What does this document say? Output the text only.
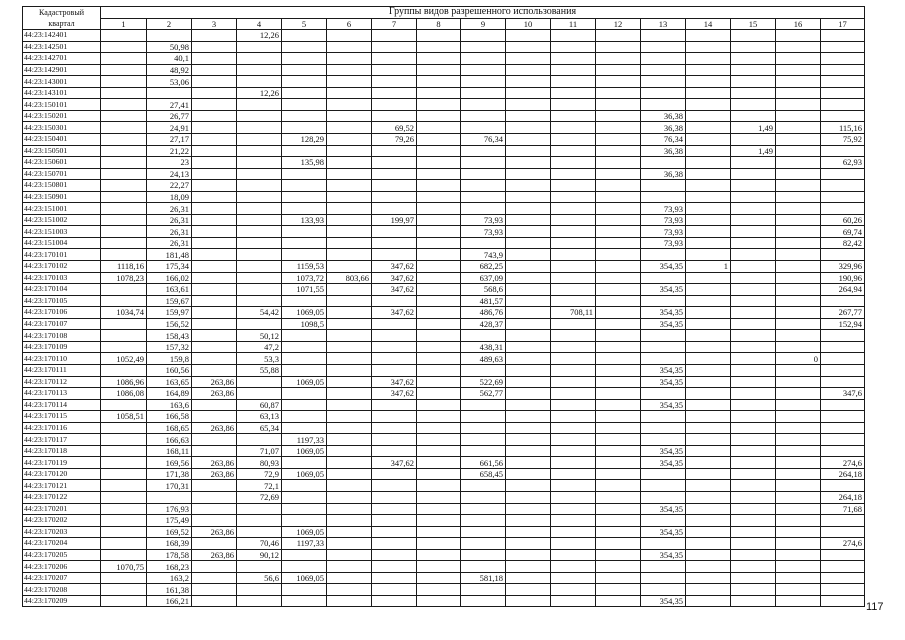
Кадастровый
квартал	Группы видов разрешенного использования																
	1	2	3	4	5	6	7	8	9	10	11	12	13	14	15	16	17
44:23:142401				12,26													
44:23:142501		50,98															
44:23:142701		40,1															
44:23:142901		48,92															
44:23:143001		53,06															
44:23:143101				12,26													
44:23:150101		27,41															
44:23:150201		26,77											36,38				
44:23:150301		24,91					69,52						36,38		1,49		115,16
44:23:150401		27,17			128,29		79,26		76,34				76,34				75,92
44:23:150501		21,22											36,38		1,49		
44:23:150601		23			135,98												62,93
44:23:150701		24,13											36,38				
44:23:150801		22,27															
44:23:150901		18,09															
44:23:151001		26,31											73,93				
44:23:151002		26,31			133,93		199,97		73,93				73,93				60,26
44:23:151003		26,31							73,93				73,93				69,74
44:23:151004		26,31											73,93				82,42
44:23:170101		181,48							743,9								
44:23:170102	1118,16	175,34			1159,53		347,62		682,25				354,35	1			329,96
44:23:170103	1078,23	166,02			1073,72	803,66	347,62		637,09								190,96
44:23:170104		163,61			1071,55		347,62		568,6				354,35				264,94
44:23:170105		159,67							481,57								
44:23:170106	1034,74	159,97		54,42	1069,05		347,62		486,76		708,11		354,35				267,77
44:23:170107		156,52			1098,5				428,37				354,35				152,94
44:23:170108		158,43		50,12													
44:23:170109		157,32		47,2					438,31								
44:23:170110	1052,49	159,8		53,3					489,63							0	
44:23:170111		160,56		55,88									354,35				
44:23:170112	1086,96	163,65	263,86		1069,05		347,62		522,69				354,35				
44:23:170113	1086,08	164,89	263,86				347,62		562,77								347,6
44:23:170114		163,6		60,87									354,35				
44:23:170115	1058,51	166,58		63,13													
44:23:170116		168,65	263,86	65,34													
44:23:170117		166,63			1197,33												
44:23:170118		168,11		71,07	1069,05								354,35				
44:23:170119		169,56	263,86	80,93			347,62		661,56				354,35				274,6
44:23:170120		171,38	263,86	72,9	1069,05				658,45								264,18
44:23:170121		170,31		72,1													
44:23:170122				72,69													264,18
44:23:170201		176,93											354,35				71,68
44:23:170202		175,49															
44:23:170203		169,52	263,86		1069,05								354,35				
44:23:170204		168,39		70,46	1197,33												274,6
44:23:170205		178,58	263,86	90,12									354,35				
44:23:170206	1070,75	168,23															
44:23:170207		163,2		56,6	1069,05				581,18								
44:23:170208		161,38															
44:23:170209		166,21											354,35					117
